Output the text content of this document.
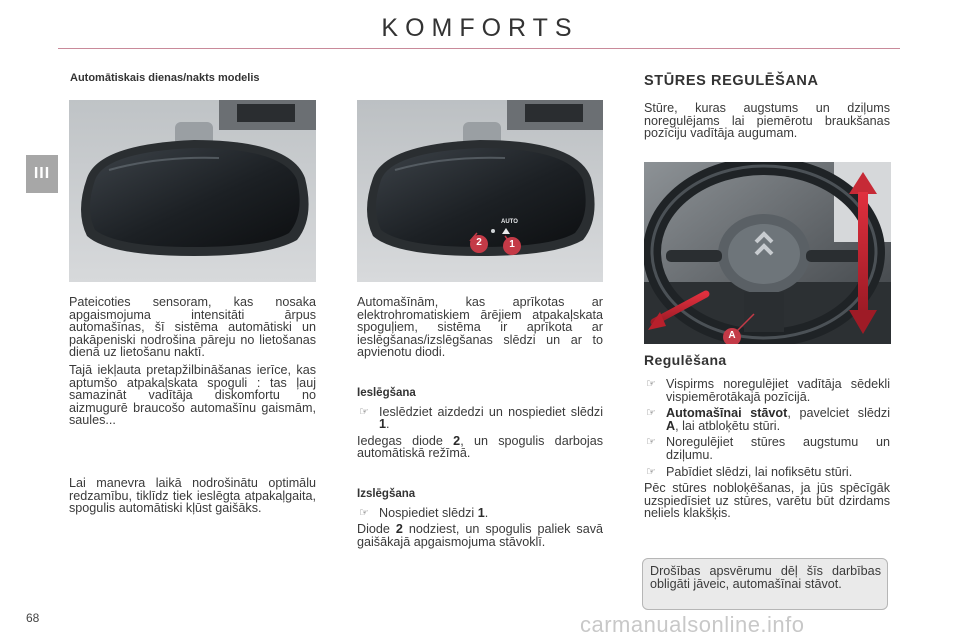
KOMFORTS
III
Automātiskais dienas/nakts modelis

Pateicoties sensoram, kas nosaka apgaismojuma intensitāti ārpus automašīnas, šī sistēma automātiski un pakāpeniski nodrošina pāreju no lietošanas dienā uz lietošanu naktī.

Tajā iekļauta pretapžilbināšanas ierīce, kas aptumšo atpakaļskata spoguli : tas ļauj samazināt vadītāja diskomfortu no aizmugurē braucošo automašīnu gaismām, saules...

Lai manevra laikā nodrošinātu optimālu redzamību, tiklīdz tiek ieslēgta atpakaļgaita, spogulis automātiski kļūst gaišāks.

AUTO
2	1

Automašīnām, kas aprīkotas ar elektrohromatiskiem ārējiem atpakaļskata spoguļiem, sistēma ir aprīkota ar ieslēgšanas/izslēgšanas slēdzi un ar to apvienotu diodi.

Ieslēgšana
☞ Ieslēdziet aizdedzi un nospiediet slēdzi 1.

Iedegas diode 2, un spogulis darbojas automātiskā režīmā.

Izslēgšana
☞ Nospiediet slēdzi 1.

Diode 2 nodziest, un spogulis paliek savā gaišākajā apgaismojuma stāvoklī.

STŪRES REGULĒŠANA
Stūre, kuras augstums un dziļums noregulējams lai piemērotu braukšanas pozīciju vadītāja augumam.
A
Regulēšana
☞ Vispirms noregulējiet vadītāja sēdekli vispiemērotākajā pozīcijā.
☞ Automašīnai stāvot, pavelciet slēdzi A, lai atbloķētu stūri.
☞ Noregulējiet stūres augstumu un dziļumu.
☞ Pabīdiet slēdzi, lai nofiksētu stūri.

Pēc stūres nobloķēšanas, ja jūs spēcīgāk uzspiedīsiet uz stūres, varētu būt dzirdams neliels klakšķis.

Drošības apsvērumu dēļ šīs darbības obligāti jāveic, automašīnai stāvot.
68	carmanualsonline.info
